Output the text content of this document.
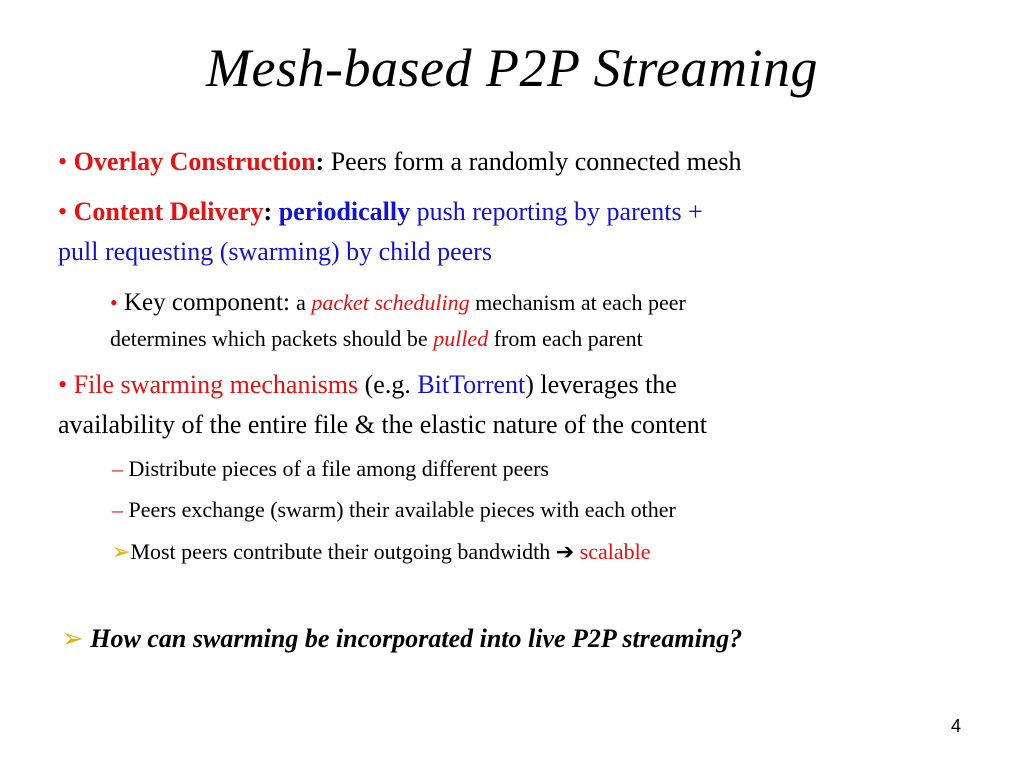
Mesh-based P2P Streaming
• Overlay Construction: Peers form a randomly connected mesh
• Content Delivery: periodically push reporting by parents +
pull requesting (swarming) by child peers
• Key component: a packet scheduling mechanism at each peer
determines which packets should be pulled from each parent
• File swarming mechanisms (e.g. BitTorrent) leverages the
availability of the entire file & the elastic nature of the content
– Distribute pieces of a file among different peers
– Peers exchange (swarm) their available pieces with each other
➢Most peers contribute their outgoing bandwidth ➔ scalable
➢ How can swarming be incorporated into live P2P streaming?
4
